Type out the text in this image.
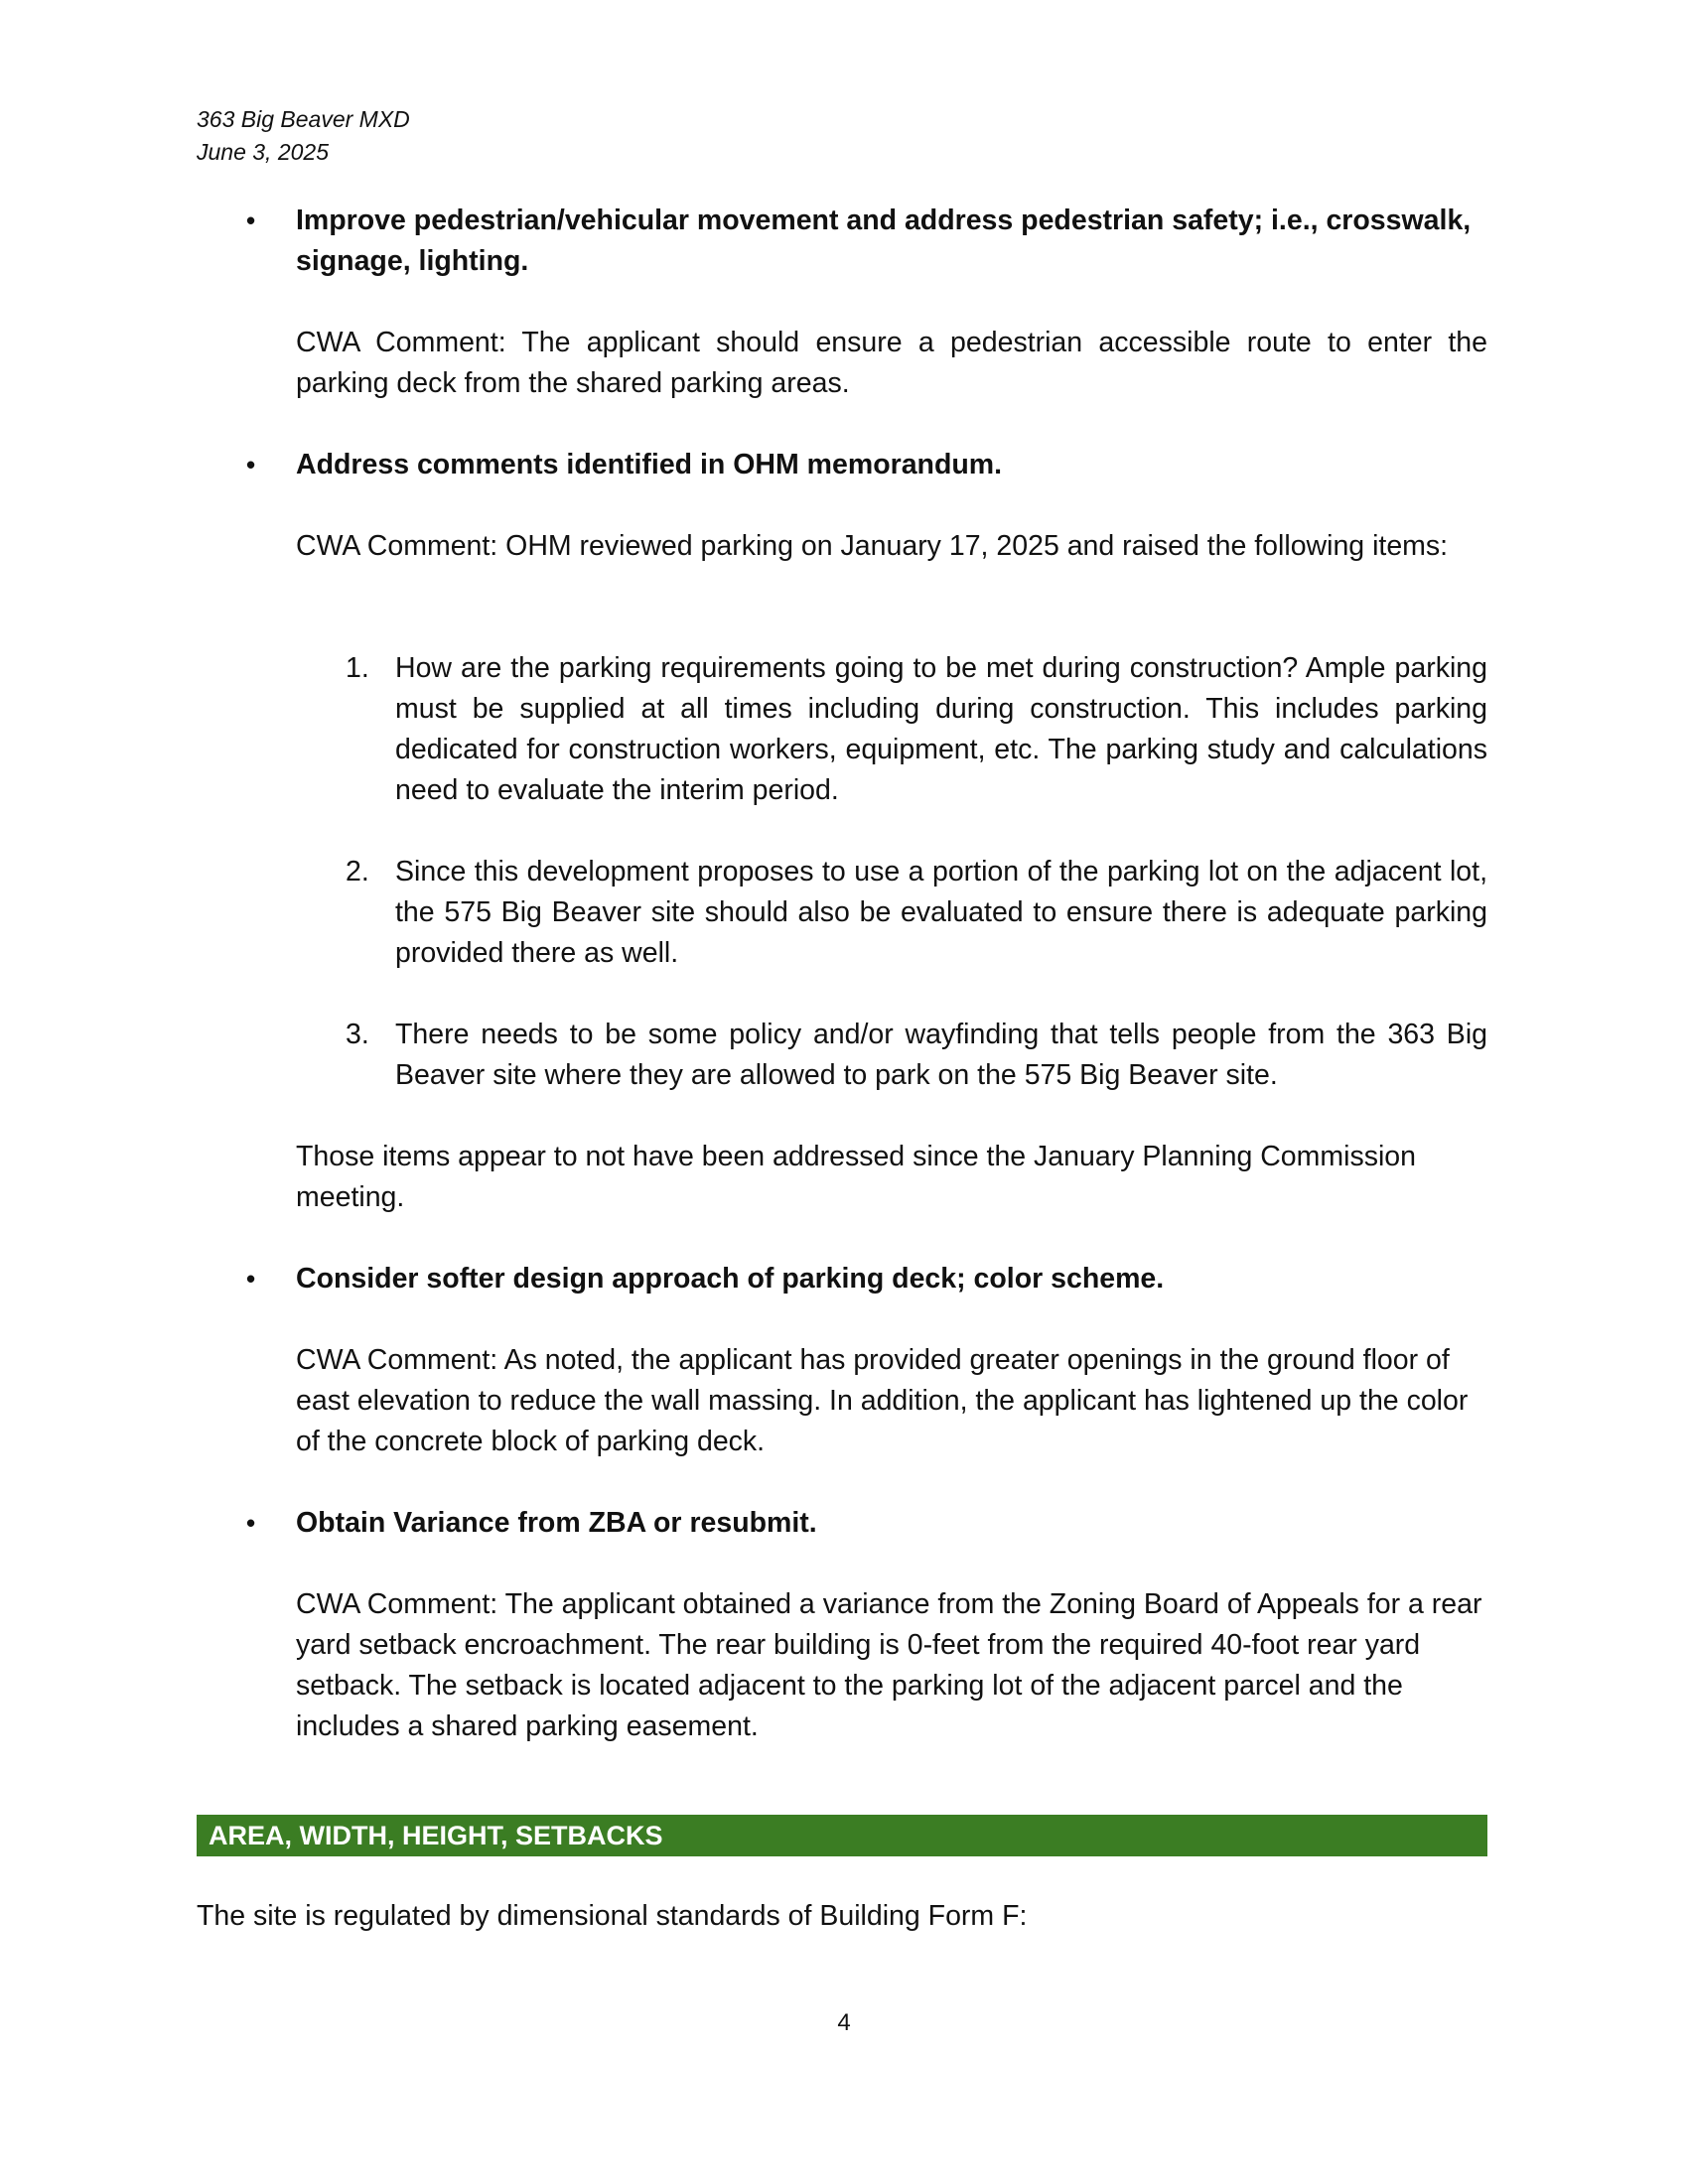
363 Big Beaver MXD
June 3, 2025
• Improve pedestrian/vehicular movement and address pedestrian safety; i.e., crosswalk, signage, lighting.
CWA Comment: The applicant should ensure a pedestrian accessible route to enter the parking deck from the shared parking areas.
• Address comments identified in OHM memorandum.
CWA Comment: OHM reviewed parking on January 17, 2025 and raised the following items:
1. How are the parking requirements going to be met during construction? Ample parking must be supplied at all times including during construction. This includes parking dedicated for construction workers, equipment, etc. The parking study and calculations need to evaluate the interim period.
2. Since this development proposes to use a portion of the parking lot on the adjacent lot, the 575 Big Beaver site should also be evaluated to ensure there is adequate parking provided there as well.
3. There needs to be some policy and/or wayfinding that tells people from the 363 Big Beaver site where they are allowed to park on the 575 Big Beaver site.
Those items appear to not have been addressed since the January Planning Commission meeting.
• Consider softer design approach of parking deck; color scheme.
CWA Comment: As noted, the applicant has provided greater openings in the ground floor of east elevation to reduce the wall massing. In addition, the applicant has lightened up the color of the concrete block of parking deck.
• Obtain Variance from ZBA or resubmit.
CWA Comment: The applicant obtained a variance from the Zoning Board of Appeals for a rear yard setback encroachment. The rear building is 0-feet from the required 40-foot rear yard setback. The setback is located adjacent to the parking lot of the adjacent parcel and the includes a shared parking easement.
AREA, WIDTH, HEIGHT, SETBACKS
The site is regulated by dimensional standards of Building Form F:
4
